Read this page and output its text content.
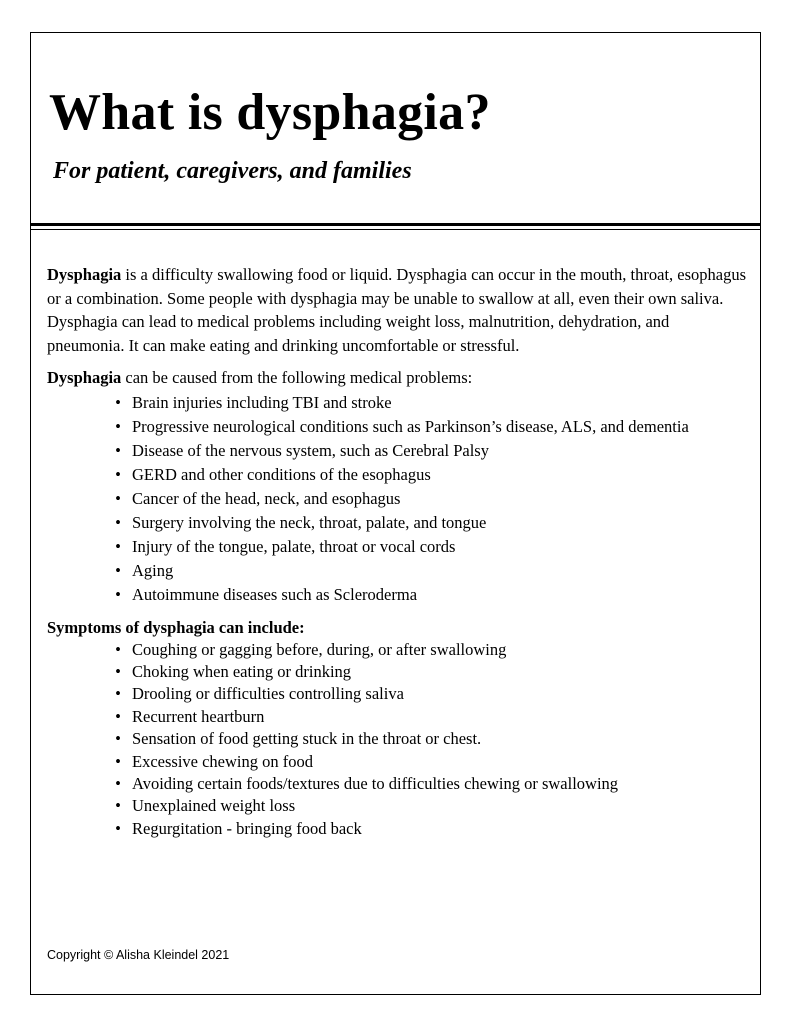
What is dysphagia?
For patient, caregivers, and families

Dysphagia is a difficulty swallowing food or liquid. Dysphagia can occur in the mouth, throat, esophagus or a combination. Some people with dysphagia may be unable to swallow at all, even their own saliva. Dysphagia can lead to medical problems including weight loss, malnutrition, dehydration, and pneumonia. It can make eating and drinking uncomfortable or stressful.

Dysphagia can be caused from the following medical problems:

• Brain injuries including TBI and stroke
• Progressive neurological conditions such as Parkinson’s disease, ALS, and dementia
• Disease of the nervous system, such as Cerebral Palsy
• GERD and other conditions of the esophagus
• Cancer of the head, neck, and esophagus
• Surgery involving the neck, throat, palate, and tongue
• Injury of the tongue, palate, throat or vocal cords
• Aging
• Autoimmune diseases such as Scleroderma

Symptoms of dysphagia can include:

• Coughing or gagging before, during, or after swallowing
• Choking when eating or drinking
• Drooling or difficulties controlling saliva
• Recurrent heartburn
• Sensation of food getting stuck in the throat or chest.
• Excessive chewing on food
• Avoiding certain foods/textures due to difficulties chewing or swallowing
• Unexplained weight loss
• Regurgitation - bringing food back

Copyright © Alisha Kleindel 2021
